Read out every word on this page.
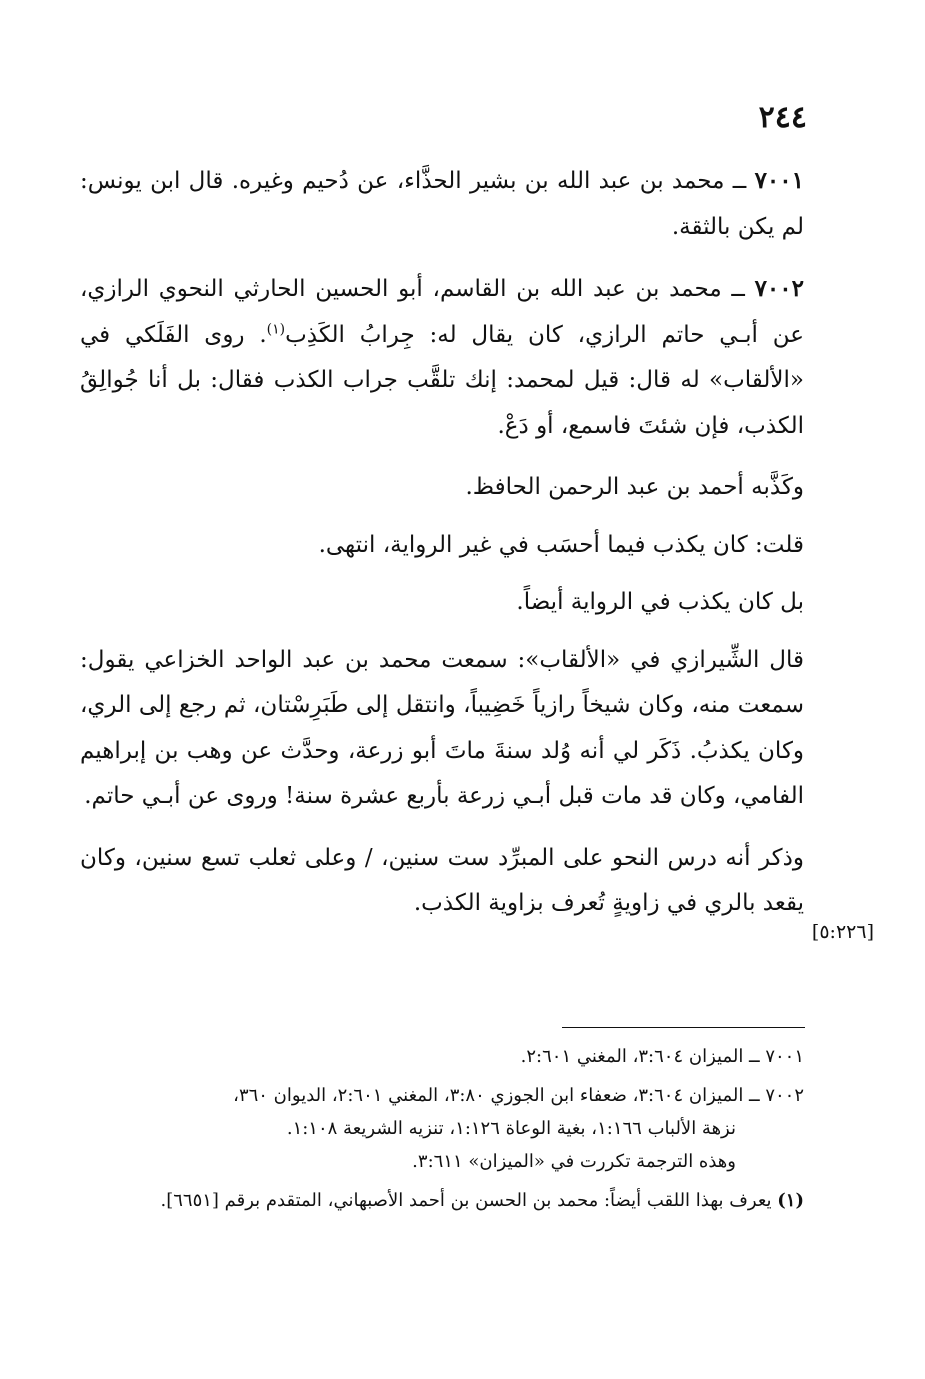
٢٤٤

٧٠٠١ ــ محمد بن عبد الله بن بشير الحذَّاء، عن دُحيم وغيره. قال ابن يونس: لم يكن بالثقة.

٧٠٠٢ ــ محمد بن عبد الله بن القاسم، أبو الحسين الحارثي النحوي الرازي، عن أبـي حاتم الرازي، كان يقال له: جِرابُ الكَذِب$^{(١)}$. روى الفَلَكي في «الألقاب» له قال: قيل لمحمد: إنك تلقَّب جراب الكذب فقال: بل أنا جُوالِقُ الكذب، فإن شئتَ فاسمع، أو دَعْ.

وكَذَّبه أحمد بن عبد الرحمن الحافظ.

قلت: كان يكذب فيما أحسَب في غير الرواية، انتهى.

بل كان يكذب في الرواية أيضاً.

قال الشِّيرازي في «الألقاب»: سمعت محمد بن عبد الواحد الخزاعي يقول: سمعت منه، وكان شيخاً رازياً خَضِيباً، وانتقل إلى طَبَرِسْتان، ثم رجع إلى الري، وكان يكذبُ. ذَكَر لي أنه وُلد سنةَ ماتَ أبو زرعة، وحدَّث عن وهب بن إبراهيم الفامي، وكان قد مات قبل أبـي زرعة بأربع عشرة سنة! وروى عن أبـي حاتم.

وذكر أنه درس النحو على المبرِّد ست سنين، / وعلى ثعلب تسع سنين، وكان يقعد بالري في زاويةٍ تُعرف بزاوية الكذب.

[٥:٢٢٦]

٧٠٠١ ــ الميزان ٣:٦٠٤، المغني ٢:٦٠١.

٧٠٠٢ ــ الميزان ٣:٦٠٤، ضعفاء ابن الجوزي ٣:٨٠، المغني ٢:٦٠١، الديوان ٣٦٠،
نزهة الألباب ١:١٦٦، بغية الوعاة ١:١٢٦، تنزيه الشريعة ١:١٠٨.
وهذه الترجمة تكررت في «الميزان» ٣:٦١١.

(١) يعرف بهذا اللقب أيضاً: محمد بن الحسن بن أحمد الأصبهاني، المتقدم برقم [٦٦٥١].
